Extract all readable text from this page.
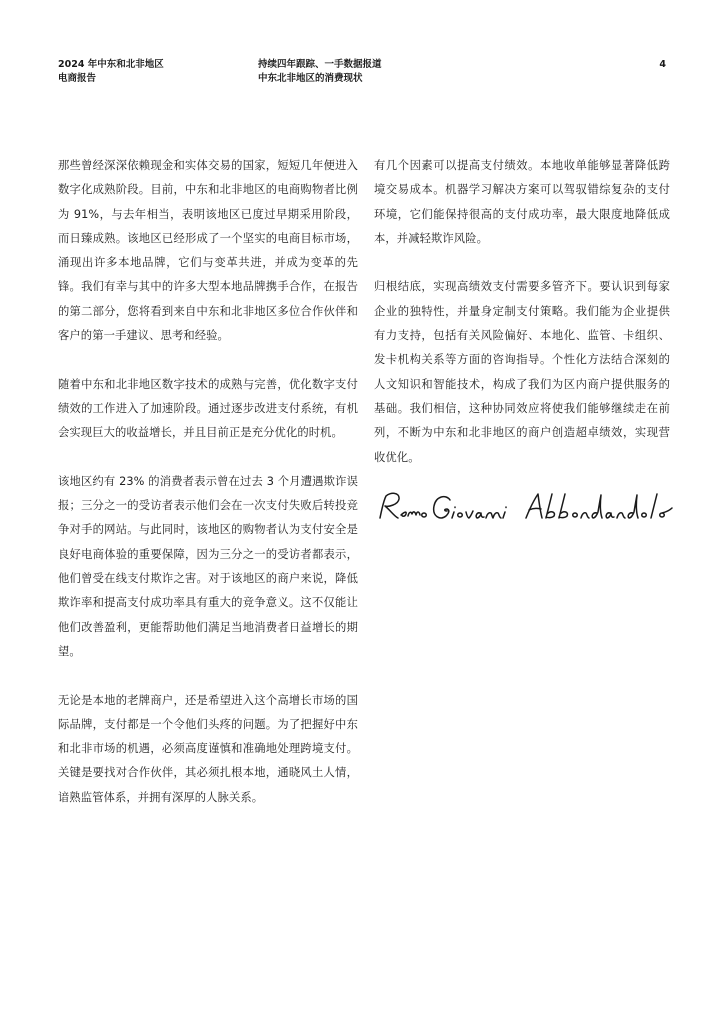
2024 年中东和北非地区
电商报告
持续四年跟踪、一手数据报道
中东北非地区的消费现状
4

那些曾经深深依赖现金和实体交易的国家，短短几年便进入数字化成熟阶段。目前，中东和北非地区的电商购物者比例为 91%，与去年相当，表明该地区已度过早期采用阶段，而日臻成熟。该地区已经形成了一个坚实的电商目标市场，涌现出许多本地品牌，它们与变革共进，并成为变革的先锋。我们有幸与其中的许多大型本地品牌携手合作，在报告的第二部分，您将看到来自中东和北非地区多位合作伙伴和客户的第一手建议、思考和经验。

随着中东和北非地区数字技术的成熟与完善，优化数字支付绩效的工作进入了加速阶段。通过逐步改进支付系统，有机会实现巨大的收益增长，并且目前正是充分优化的时机。

该地区约有 23% 的消费者表示曾在过去 3 个月遭遇欺诈误报；三分之一的受访者表示他们会在一次支付失败后转投竞争对手的网站。与此同时，该地区的购物者认为支付安全是良好电商体验的重要保障，因为三分之一的受访者都表示，他们曾受在线支付欺诈之害。对于该地区的商户来说，降低欺诈率和提高支付成功率具有重大的竞争意义。这不仅能让他们改善盈利，更能帮助他们满足当地消费者日益增长的期望。

无论是本地的老牌商户，还是希望进入这个高增长市场的国际品牌，支付都是一个令他们头疼的问题。为了把握好中东和北非市场的机遇，必须高度谨慎和准确地处理跨境支付。关键是要找对合作伙伴，其必须扎根本地，通晓风土人情，谙熟监管体系，并拥有深厚的人脉关系。

有几个因素可以提高支付绩效。本地收单能够显著降低跨境交易成本。机器学习解决方案可以驾驭错综复杂的支付环境，它们能保持很高的支付成功率，最大限度地降低成本，并减轻欺诈风险。

归根结底，实现高绩效支付需要多管齐下。要认识到每家企业的独特性，并量身定制支付策略。我们能为企业提供有力支持，包括有关风险偏好、本地化、监管、卡组织、发卡机构关系等方面的咨询指导。个性化方法结合深刻的人文知识和智能技术，构成了我们为区内商户提供服务的基础。我们相信，这种协同效应将使我们能够继续走在前列，不断为中东和北非地区的商户创造超卓绩效，实现营收优化。
